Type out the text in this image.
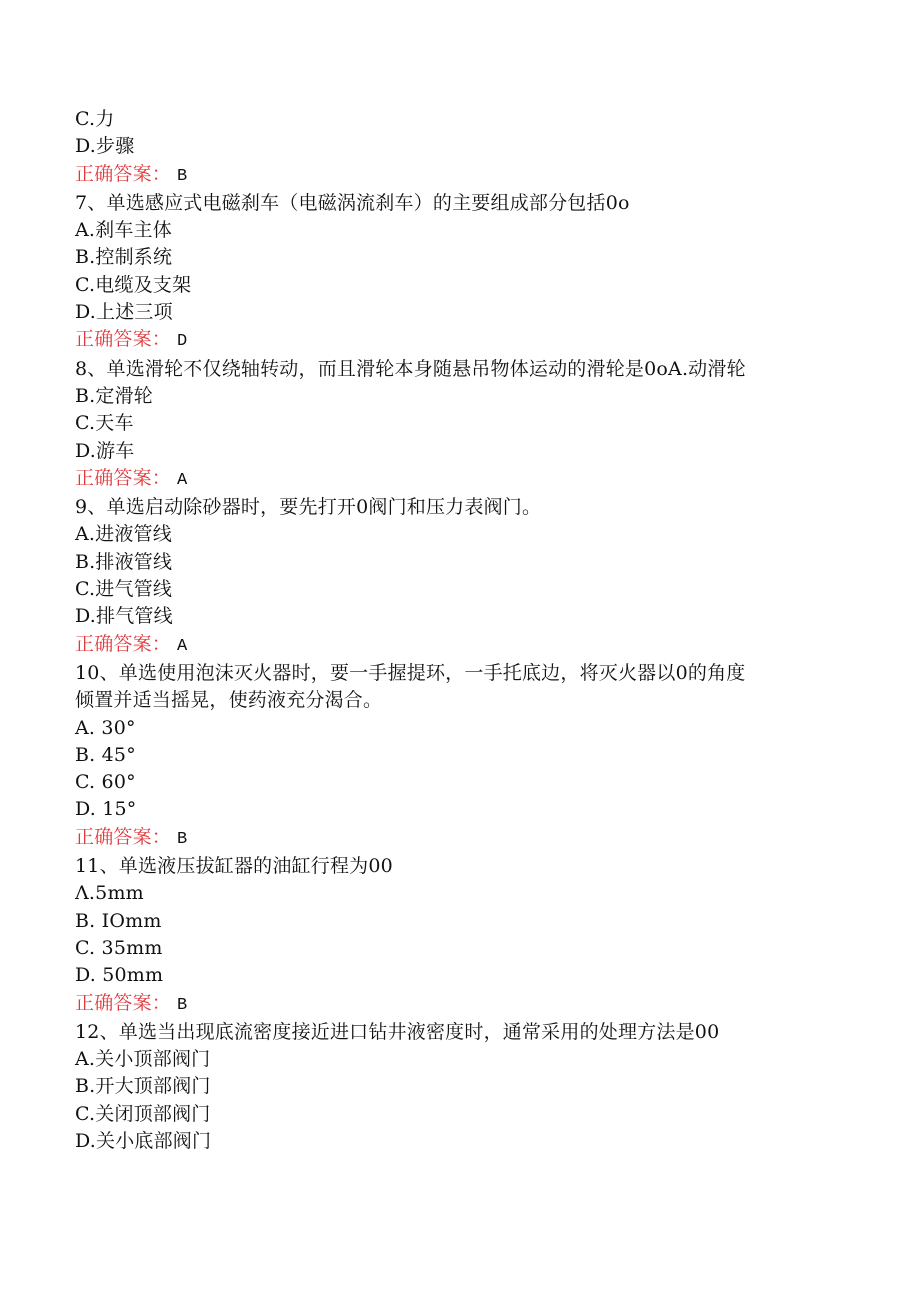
C.力
D.步骤
正确答案： B
7、单选感应式电磁刹车（电磁涡流刹车）的主要组成部分包括0o
A.刹车主体
B.控制系统
C.电缆及支架
D.上述三项
正确答案： D
8、单选滑轮不仅绕轴转动，而且滑轮本身随悬吊物体运动的滑轮是0oA.动滑轮
B.定滑轮
C.天车
D.游车
正确答案： A
9、单选启动除砂器时，要先打开0阀门和压力表阀门。
A.进液管线
B.排液管线
C.进气管线
D.排气管线
正确答案： A
10、单选使用泡沫灭火器时，要一手握提环，一手托底边，将灭火器以0的角度
倾置并适当摇晃，使药液充分渴合。
A. 30°
B. 45°
C. 60°
D. 15°
正确答案： B
11、单选液压拔缸器的油缸行程为00
Λ.5mm
B. IOmm
C. 35mm
D. 50mm
正确答案： B
12、单选当出现底流密度接近进口钻井液密度时，通常采用的处理方法是00
A.关小顶部阀门
B.开大顶部阀门
C.关闭顶部阀门
D.关小底部阀门
